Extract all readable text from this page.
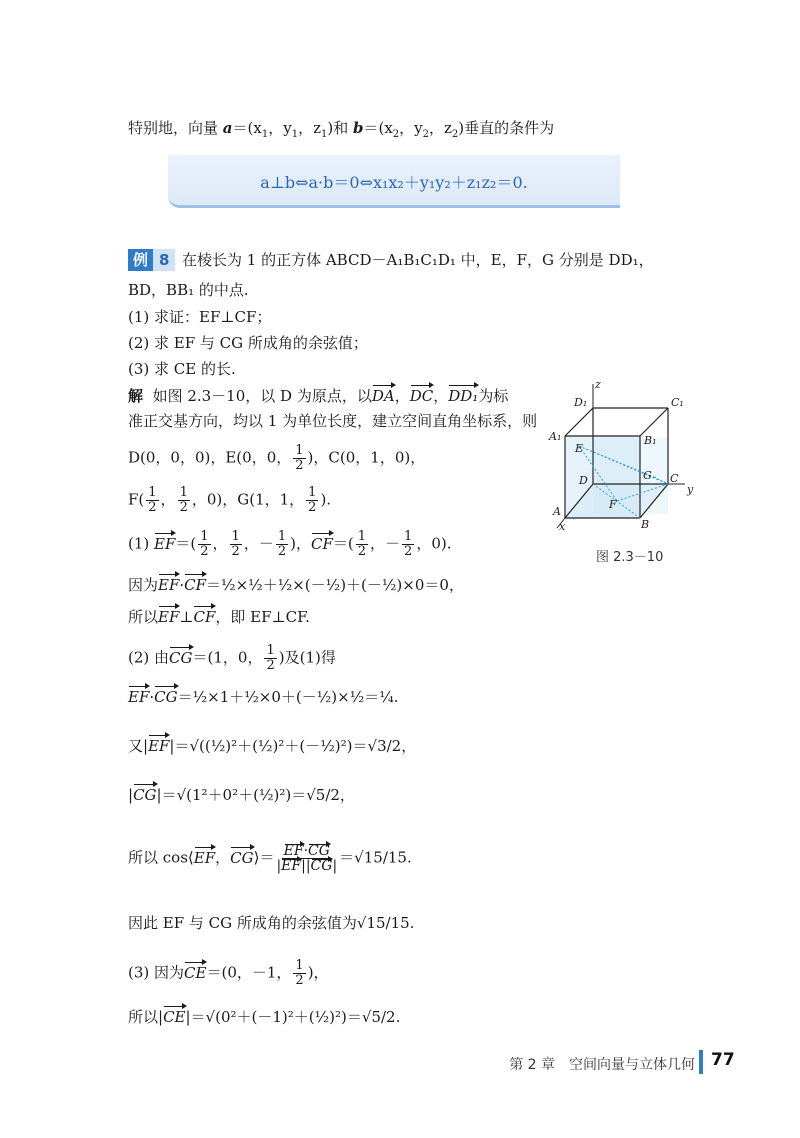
特别地，向量 $a=(x_1$，$y_1$，$z_1$)和 $b=(x_2$，$y_2$，$z_2$)垂直的条件为
a⊥b⇔a·b＝0⇔x₁x₂＋y₁y₂＋z₁z₂＝0.
例 8 在棱长为 1 的正方体 ABCD－A₁B₁C₁D₁ 中，E，F，G 分别是 DD₁，
BD，BB₁ 的中点.
(1) 求证：EF⊥CF；
(2) 求 EF 与 CG 所成角的余弦值；
(3) 求 CE 的长.
解 如图 2.3－10，以 D 为原点，以DA，DC，DD₁为标
准正交基方向，均以 1 为单位长度，建立空间直角坐标系，则
D(0，0，0)，E(0，0， $\frac{1}{2}$ )，C(0，1，0)，
$F( \frac{1}{2}$ ， $\frac{1}{2}$ ，0)，G(1，1， $\frac{1}{2}$ ).
(1) $EF=( \frac{1}{2}$ ， $\frac{1}{2}$ ，－ $\frac{1}{2}$ )，$CF=( \frac{1}{2}$ ，－ $\frac{1}{2}$ ，0).
因为EF·CF＝½×½＋½×(－½)＋(－½)×0＝0，
所以EF⊥CF，即 EF⊥CF.
(2) 由CG＝(1，0， $\frac{1}{2}$ )及(1)得
EF·CG＝½×1＋½×0＋(－½)×½＝¼.
又|EF|＝√((½)²＋(½)²＋(－½)²)＝√3/2，
|CG|＝√(1²＋0²＋(½)²)＝√5/2，
所以 cos⟨EF，CG⟩＝ $\frac{EF\cdot CG}{|EF||CG|} =√15/15$.
因此 EF 与 CG 所成角的余弦值为√15/15.
(3) 因为CE＝(0，－1， $\frac{1}{2}$ )，
所以|CE|＝√(0²＋(－1)²＋(½)²)＝√5/2.
z
y
x
D₁	C₁
A₁	B₁
E
D	G C
F
A
B
图 2.3－10
第 2 章　空间向量与立体几何 77
